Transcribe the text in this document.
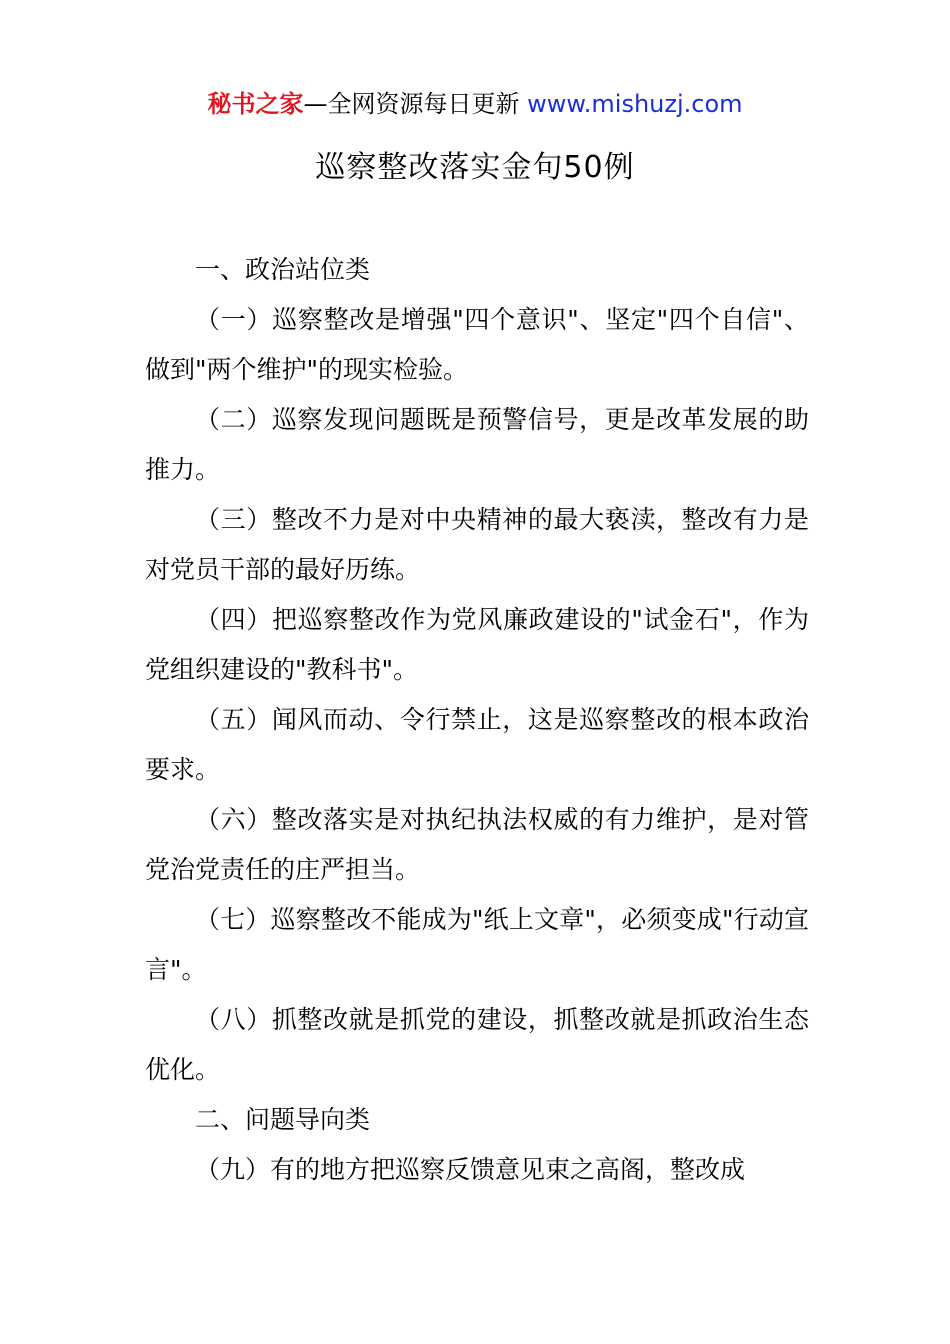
秘书之家—全网资源每日更新 www.mishuzj.com
巡察整改落实金句50例

一、政治站位类

（一）巡察整改是增强"四个意识"、坚定"四个自信"、做到"两个维护"的现实检验。

（二）巡察发现问题既是预警信号，更是改革发展的助推力。

（三）整改不力是对中央精神的最大亵渎，整改有力是对党员干部的最好历练。

（四）把巡察整改作为党风廉政建设的"试金石"，作为党组织建设的"教科书"。

（五）闻风而动、令行禁止，这是巡察整改的根本政治要求。

（六）整改落实是对执纪执法权威的有力维护，是对管党治党责任的庄严担当。

（七）巡察整改不能成为"纸上文章"，必须变成"行动宣言"。

（八）抓整改就是抓党的建设，抓整改就是抓政治生态优化。

二、问题导向类

（九）有的地方把巡察反馈意见束之高阁，整改成
